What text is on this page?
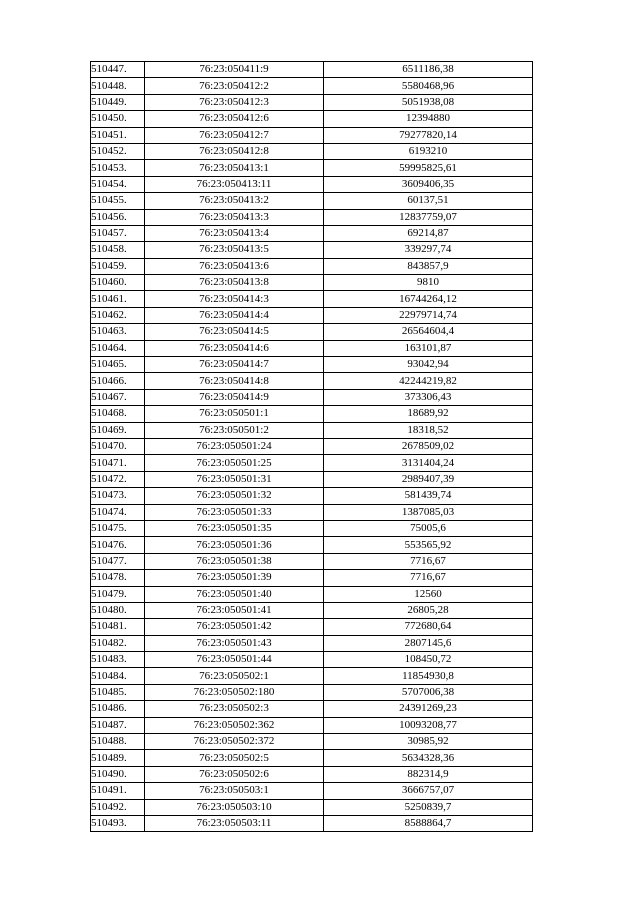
510447.	76:23:050411:9	6511186,38
510448.	76:23:050412:2	5580468,96
510449.	76:23:050412:3	5051938,08
510450.	76:23:050412:6	12394880
510451.	76:23:050412:7	79277820,14
510452.	76:23:050412:8	6193210
510453.	76:23:050413:1	59995825,61
510454.	76:23:050413:11	3609406,35
510455.	76:23:050413:2	60137,51
510456.	76:23:050413:3	12837759,07
510457.	76:23:050413:4	69214,87
510458.	76:23:050413:5	339297,74
510459.	76:23:050413:6	843857,9
510460.	76:23:050413:8	9810
510461.	76:23:050414:3	16744264,12
510462.	76:23:050414:4	22979714,74
510463.	76:23:050414:5	26564604,4
510464.	76:23:050414:6	163101,87
510465.	76:23:050414:7	93042,94
510466.	76:23:050414:8	42244219,82
510467.	76:23:050414:9	373306,43
510468.	76:23:050501:1	18689,92
510469.	76:23:050501:2	18318,52
510470.	76:23:050501:24	2678509,02
510471.	76:23:050501:25	3131404,24
510472.	76:23:050501:31	2989407,39
510473.	76:23:050501:32	581439,74
510474.	76:23:050501:33	1387085,03
510475.	76:23:050501:35	75005,6
510476.	76:23:050501:36	553565,92
510477.	76:23:050501:38	7716,67
510478.	76:23:050501:39	7716,67
510479.	76:23:050501:40	12560
510480.	76:23:050501:41	26805,28
510481.	76:23:050501:42	772680,64
510482.	76:23:050501:43	2807145,6
510483.	76:23:050501:44	108450,72
510484.	76:23:050502:1	11854930,8
510485.	76:23:050502:180	5707006,38
510486.	76:23:050502:3	24391269,23
510487.	76:23:050502:362	10093208,77
510488.	76:23:050502:372	30985,92
510489.	76:23:050502:5	5634328,36
510490.	76:23:050502:6	882314,9
510491.	76:23:050503:1	3666757,07
510492.	76:23:050503:10	5250839,7
510493.	76:23:050503:11	8588864,7
